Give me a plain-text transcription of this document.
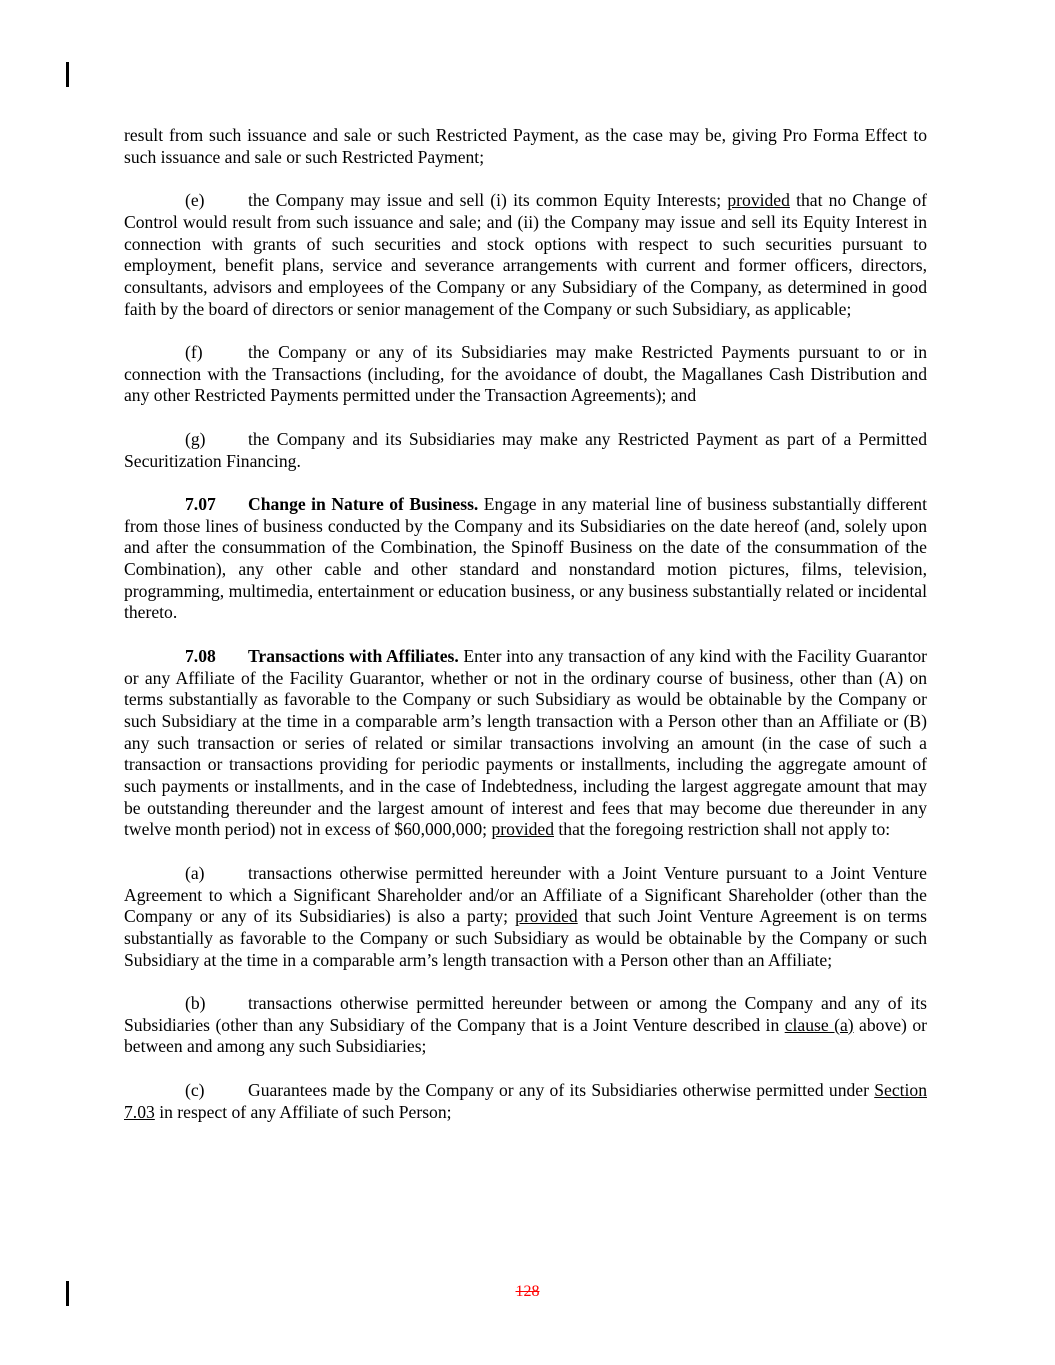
result from such issuance and sale or such Restricted Payment, as the case may be, giving Pro Forma Effect to such issuance and sale or such Restricted Payment;

(e) the Company may issue and sell (i) its common Equity Interests; provided that no Change of Control would result from such issuance and sale; and (ii) the Company may issue and sell its Equity Interest in connection with grants of such securities and stock options with respect to such securities pursuant to employment, benefit plans, service and severance arrangements with current and former officers, directors, consultants, advisors and employees of the Company or any Subsidiary of the Company, as determined in good faith by the board of directors or senior management of the Company or such Subsidiary, as applicable;

(f)	the Company or any of its Subsidiaries may make Restricted Payments pursuant to or in connection with the Transactions (including, for the avoidance of doubt, the Magallanes Cash Distribution and any other Restricted Payments permitted under the Transaction Agreements); and

(g) the Company and its Subsidiaries may make any Restricted Payment as part of a Permitted Securitization Financing.

7.07 Change in Nature of Business. Engage in any material line of business substantially different from those lines of business conducted by the Company and its Subsidiaries on the date hereof (and, solely upon and after the consummation of the Combination, the Spinoff Business on the date of the consummation of the Combination), any other cable and other standard and nonstandard motion pictures, films, television, programming, multimedia, entertainment or education business, or any business substantially related or incidental thereto.

7.08 Transactions with Affiliates. Enter into any transaction of any kind with the Facility Guarantor or any Affiliate of the Facility Guarantor, whether or not in the ordinary course of business, other than (A) on terms substantially as favorable to the Company or such Subsidiary as would be obtainable by the Company or such Subsidiary at the time in a comparable arm’s length transaction with a Person other than an Affiliate or (B) any such transaction or series of related or similar transactions involving an amount (in the case of such a transaction or transactions providing for periodic payments or installments, including the aggregate amount of such payments or installments, and in the case of Indebtedness, including the largest aggregate amount that may be outstanding thereunder and the largest amount of interest and fees that may become due thereunder in any twelve month period) not in excess of $60,000,000; provided that the foregoing restriction shall not apply to:

(a) transactions otherwise permitted hereunder with a Joint Venture pursuant to a Joint Venture Agreement to which a Significant Shareholder and/or an Affiliate of a Significant Shareholder (other than the Company or any of its Subsidiaries) is also a party; provided that such Joint Venture Agreement is on terms substantially as favorable to the Company or such Subsidiary as would be obtainable by the Company or such Subsidiary at the time in a comparable arm’s length transaction with a Person other than an Affiliate;

(b) transactions otherwise permitted hereunder between or among the Company and any of its Subsidiaries (other than any Subsidiary of the Company that is a Joint Venture described in clause (a) above) or between and among any such Subsidiaries;

(c) Guarantees made by the Company or any of its Subsidiaries otherwise permitted under Section 7.03 in respect of any Affiliate of such Person;

128
